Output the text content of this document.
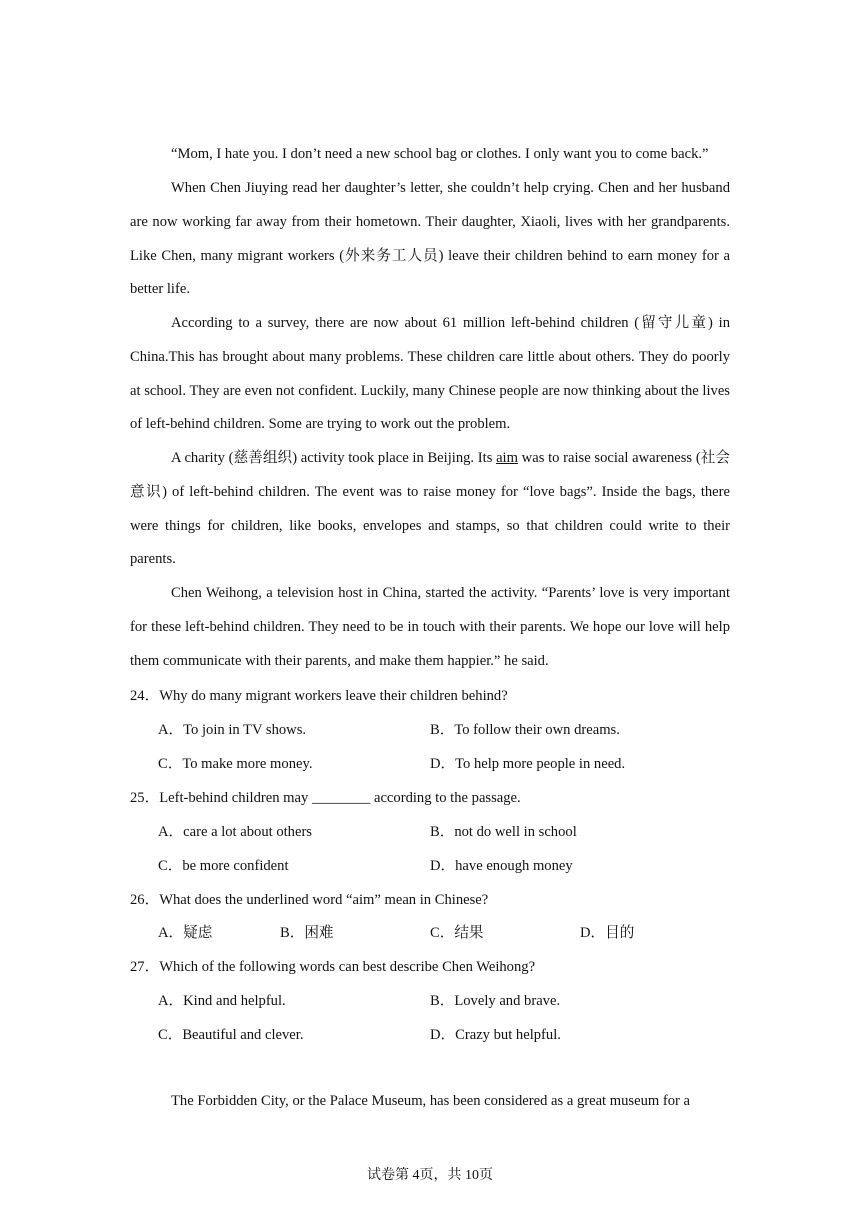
“Mom, I hate you. I don’t need a new school bag or clothes. I only want you to come back.”

When Chen Jiuying read her daughter’s letter, she couldn’t help crying. Chen and her husband are now working far away from their hometown. Their daughter, Xiaoli, lives with her grandparents. Like Chen, many migrant workers (外来务工人员) leave their children behind to earn money for a better life.

According to a survey, there are now about 61 million left-behind children (留守儿童) in China.This has brought about many problems. These children care little about others. They do poorly at school. They are even not confident. Luckily, many Chinese people are now thinking about the lives of left-behind children. Some are trying to work out the problem.

A charity (慈善组织) activity took place in Beijing. Its aim was to raise social awareness (社会意识) of left-behind children. The event was to raise money for “love bags”. Inside the bags, there were things for children, like books, envelopes and stamps, so that children could write to their parents.

Chen Weihong, a television host in China, started the activity. “Parents’ love is very important for these left-behind children. They need to be in touch with their parents. We hope our love will help them communicate with their parents, and make them happier.” he said.

24．Why do many migrant workers leave their children behind?

A．To join in TV shows.	B．To follow their own dreams.

C．To make more money.	D．To help more people in need.

25．Left-behind children may ________ according to the passage.

A．care a lot about others	B．not do well in school

C．be more confident	D．have enough money

26．What does the underlined word “aim” mean in Chinese?

A．疑虑	B．困难	C．结果	D．目的

27．Which of the following words can best describe Chen Weihong?

A．Kind and helpful.	B．Lovely and brave.

C．Beautiful and clever.	D．Crazy but helpful.

The Forbidden City, or the Palace Museum, has been considered as a great museum for a

试卷第 4页，共 10页
